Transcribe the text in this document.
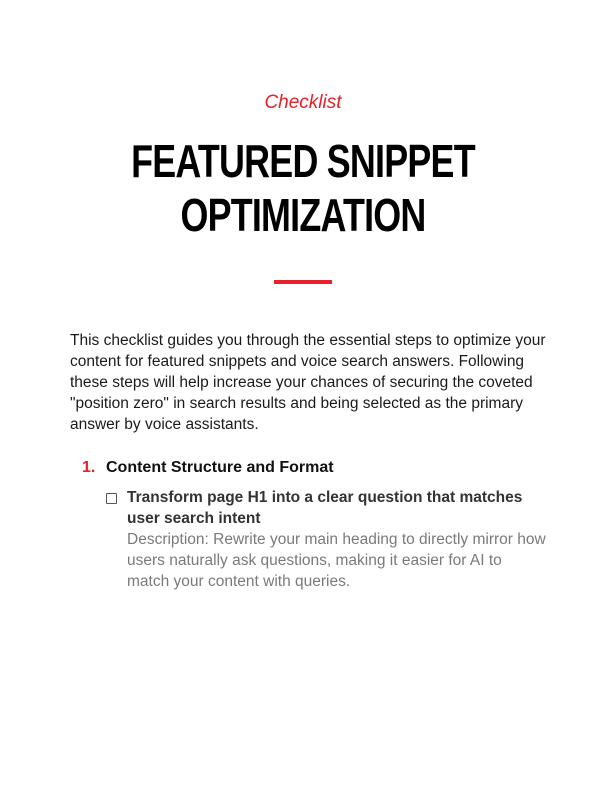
Checklist
FEATURED SNIPPET
OPTIMIZATION

This checklist guides you through the essential steps to optimize your content for featured snippets and voice search answers. Following these steps will help increase your chances of securing the coveted "position zero" in search results and being selected as the primary answer by voice assistants.

1. Content Structure and Format
Transform page H1 into a clear question that matches user search intent
Description: Rewrite your main heading to directly mirror how users naturally ask questions, making it easier for AI to match your content with queries.
